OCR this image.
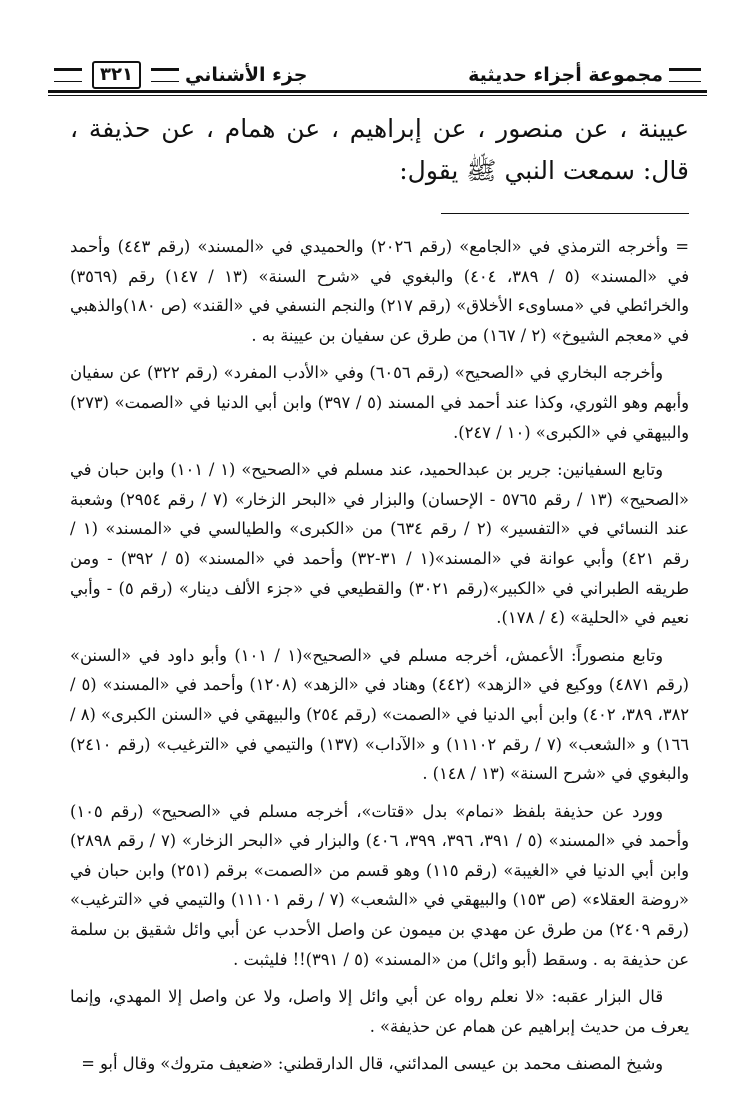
مجموعة أجزاء حديثية
جزء الأشناني
٣٢١

عيينة ، عن منصور ، عن إبراهيم ، عن همام ، عن حذيفة ، قال: سمعت النبي ﷺ يقول:

= وأخرجه الترمذي في «الجامع» (رقم ٢٠٢٦) والحميدي في «المسند» (رقم ٤٤٣) وأحمد في «المسند» (٥ / ٣٨٩، ٤٠٤) والبغوي في «شرح السنة» (١٣ / ١٤٧) رقم (٣٥٦٩) والخرائطي في «مساوىء الأخلاق» (رقم ٢١٧) والنجم النسفي في «القند» (ص ١٨٠)والذهبي في «معجم الشيوخ» (٢ / ١٦٧) من طرق عن سفيان بن عيينة به .

وأخرجه البخاري في «الصحيح» (رقم ٦٠٥٦) وفي «الأدب المفرد» (رقم ٣٢٢) عن سفيان وأبهم وهو الثوري، وكذا عند أحمد في المسند (٥ / ٣٩٧) وابن أبي الدنيا في «الصمت» (٢٧٣) والبيهقي في «الكبرى» (١٠ / ٢٤٧).

وتابع السفيانين: جرير بن عبدالحميد، عند مسلم في «الصحيح» (١ / ١٠١) وابن حبان في «الصحيح» (١٣ / رقم ٥٧٦٥ - الإحسان) والبزار في «البحر الزخار» (٧ / رقم ٢٩٥٤) وشعبة عند النسائي في «التفسير» (٢ / رقم ٦٣٤) من «الكبرى» والطيالسي في «المسند» (١ / رقم ٤٢١) وأبي عوانة في «المسند»(١ / ٣١-٣٢) وأحمد في «المسند» (٥ / ٣٩٢) - ومن طريقه الطبراني في «الكبير»(رقم ٣٠٢١) والقطيعي في «جزء الألف دينار» (رقم ٥) - وأبي نعيم في «الحلية» (٤ / ١٧٨).

وتابع منصوراً: الأعمش، أخرجه مسلم في «الصحيح»(١ / ١٠١) وأبو داود في «السنن» (رقم ٤٨٧١) ووكيع في «الزهد» (٤٤٢) وهناد في «الزهد» (١٢٠٨) وأحمد في «المسند» (٥ / ٣٨٢، ٣٨٩، ٤٠٢) وابن أبي الدنيا في «الصمت» (رقم ٢٥٤) والبيهقي في «السنن الكبرى» (٨ / ١٦٦) و «الشعب» (٧ / رقم ١١١٠٢) و «الآداب» (١٣٧) والتيمي في «الترغيب» (رقم ٢٤١٠) والبغوي في «شرح السنة» (١٣ / ١٤٨) .

وورد عن حذيفة بلفظ «نمام» بدل «قتات»، أخرجه مسلم في «الصحيح» (رقم ١٠٥) وأحمد في «المسند» (٥ / ٣٩١، ٣٩٦، ٣٩٩، ٤٠٦) والبزار في «البحر الزخار» (٧ / رقم ٢٨٩٨) وابن أبي الدنيا في «الغيبة» (رقم ١١٥) وهو قسم من «الصمت» برقم (٢٥١) وابن حبان في «روضة العقلاء» (ص ١٥٣) والبيهقي في «الشعب» (٧ / رقم ١١١٠١) والتيمي في «الترغيب» (رقم ٢٤٠٩) من طرق عن مهدي بن ميمون عن واصل الأحدب عن أبي وائل شقيق بن سلمة عن حذيفة به . وسقط (أبو وائل) من «المسند» (٥ / ٣٩١)!! فليثبت .

قال البزار عقبه: «لا نعلم رواه عن أبي وائل إلا واصل، ولا عن واصل إلا المهدي، وإنما يعرف من حديث إبراهيم عن همام عن حذيفة» .

وشيخ المصنف محمد بن عيسى المدائني، قال الدارقطني: «ضعيف متروك» وقال أبو =
